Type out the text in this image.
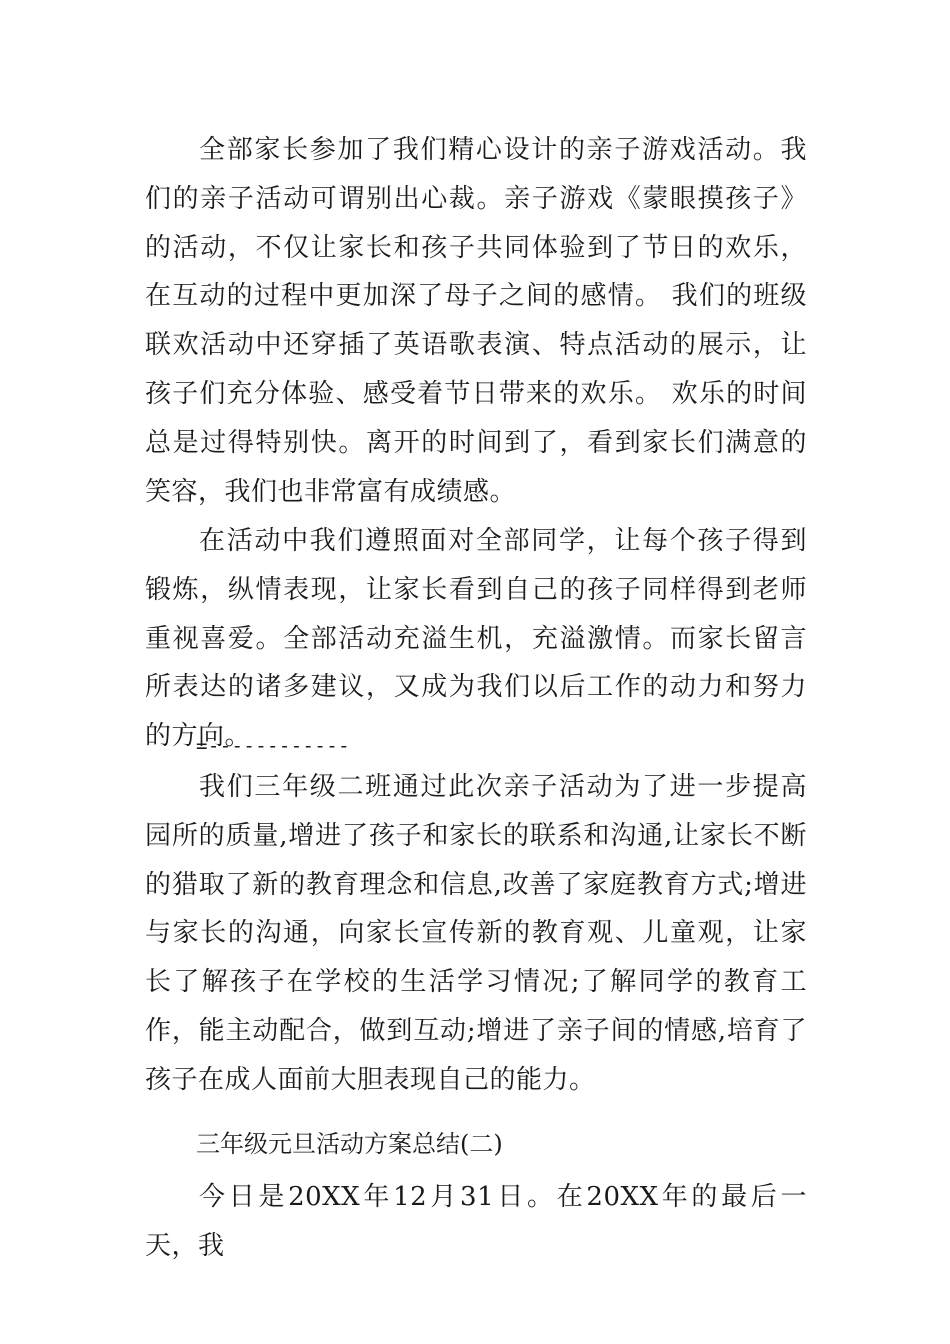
全部家长参加了我们精心设计的亲子游戏活动。我们的亲子活动可谓别出心裁。亲子游戏《蒙眼摸孩子》的活动，不仅让家长和孩子共同体验到了节日的欢乐，在互动的过程中更加深了母子之间的感情。 我们的班级联欢活动中还穿插了英语歌表演、特点活动的展示，让孩子们充分体验、感受着节日带来的欢乐。 欢乐的时间总是过得特别快。离开的时间到了，看到家长们满意的笑容，我们也非常富有成绩感。

在活动中我们遵照面对全部同学，让每个孩子得到锻炼，纵情表现，让家长看到自己的孩子同样得到老师重视喜爱。全部活动充溢生机，充溢激情。而家长留言所表达的诸多建议，又成为我们以后工作的动力和努力的方向。

=------------

我们三年级二班通过此次亲子活动为了进一步提高园所的质量,增进了孩子和家长的联系和沟通,让家长不断的猎取了新的教育理念和信息,改善了家庭教育方式;增进与家长的沟通，向家长宣传新的教育观、儿童观，让家长了解孩子在学校的生活学习情况;了解同学的教育工作，能主动配合，做到互动;增进了亲子间的情感,培育了孩子在成人面前大胆表现自己的能力。

三年级元旦活动方案总结(二)

今日是20XX年12月31日。在20XX年的最后一天，我
